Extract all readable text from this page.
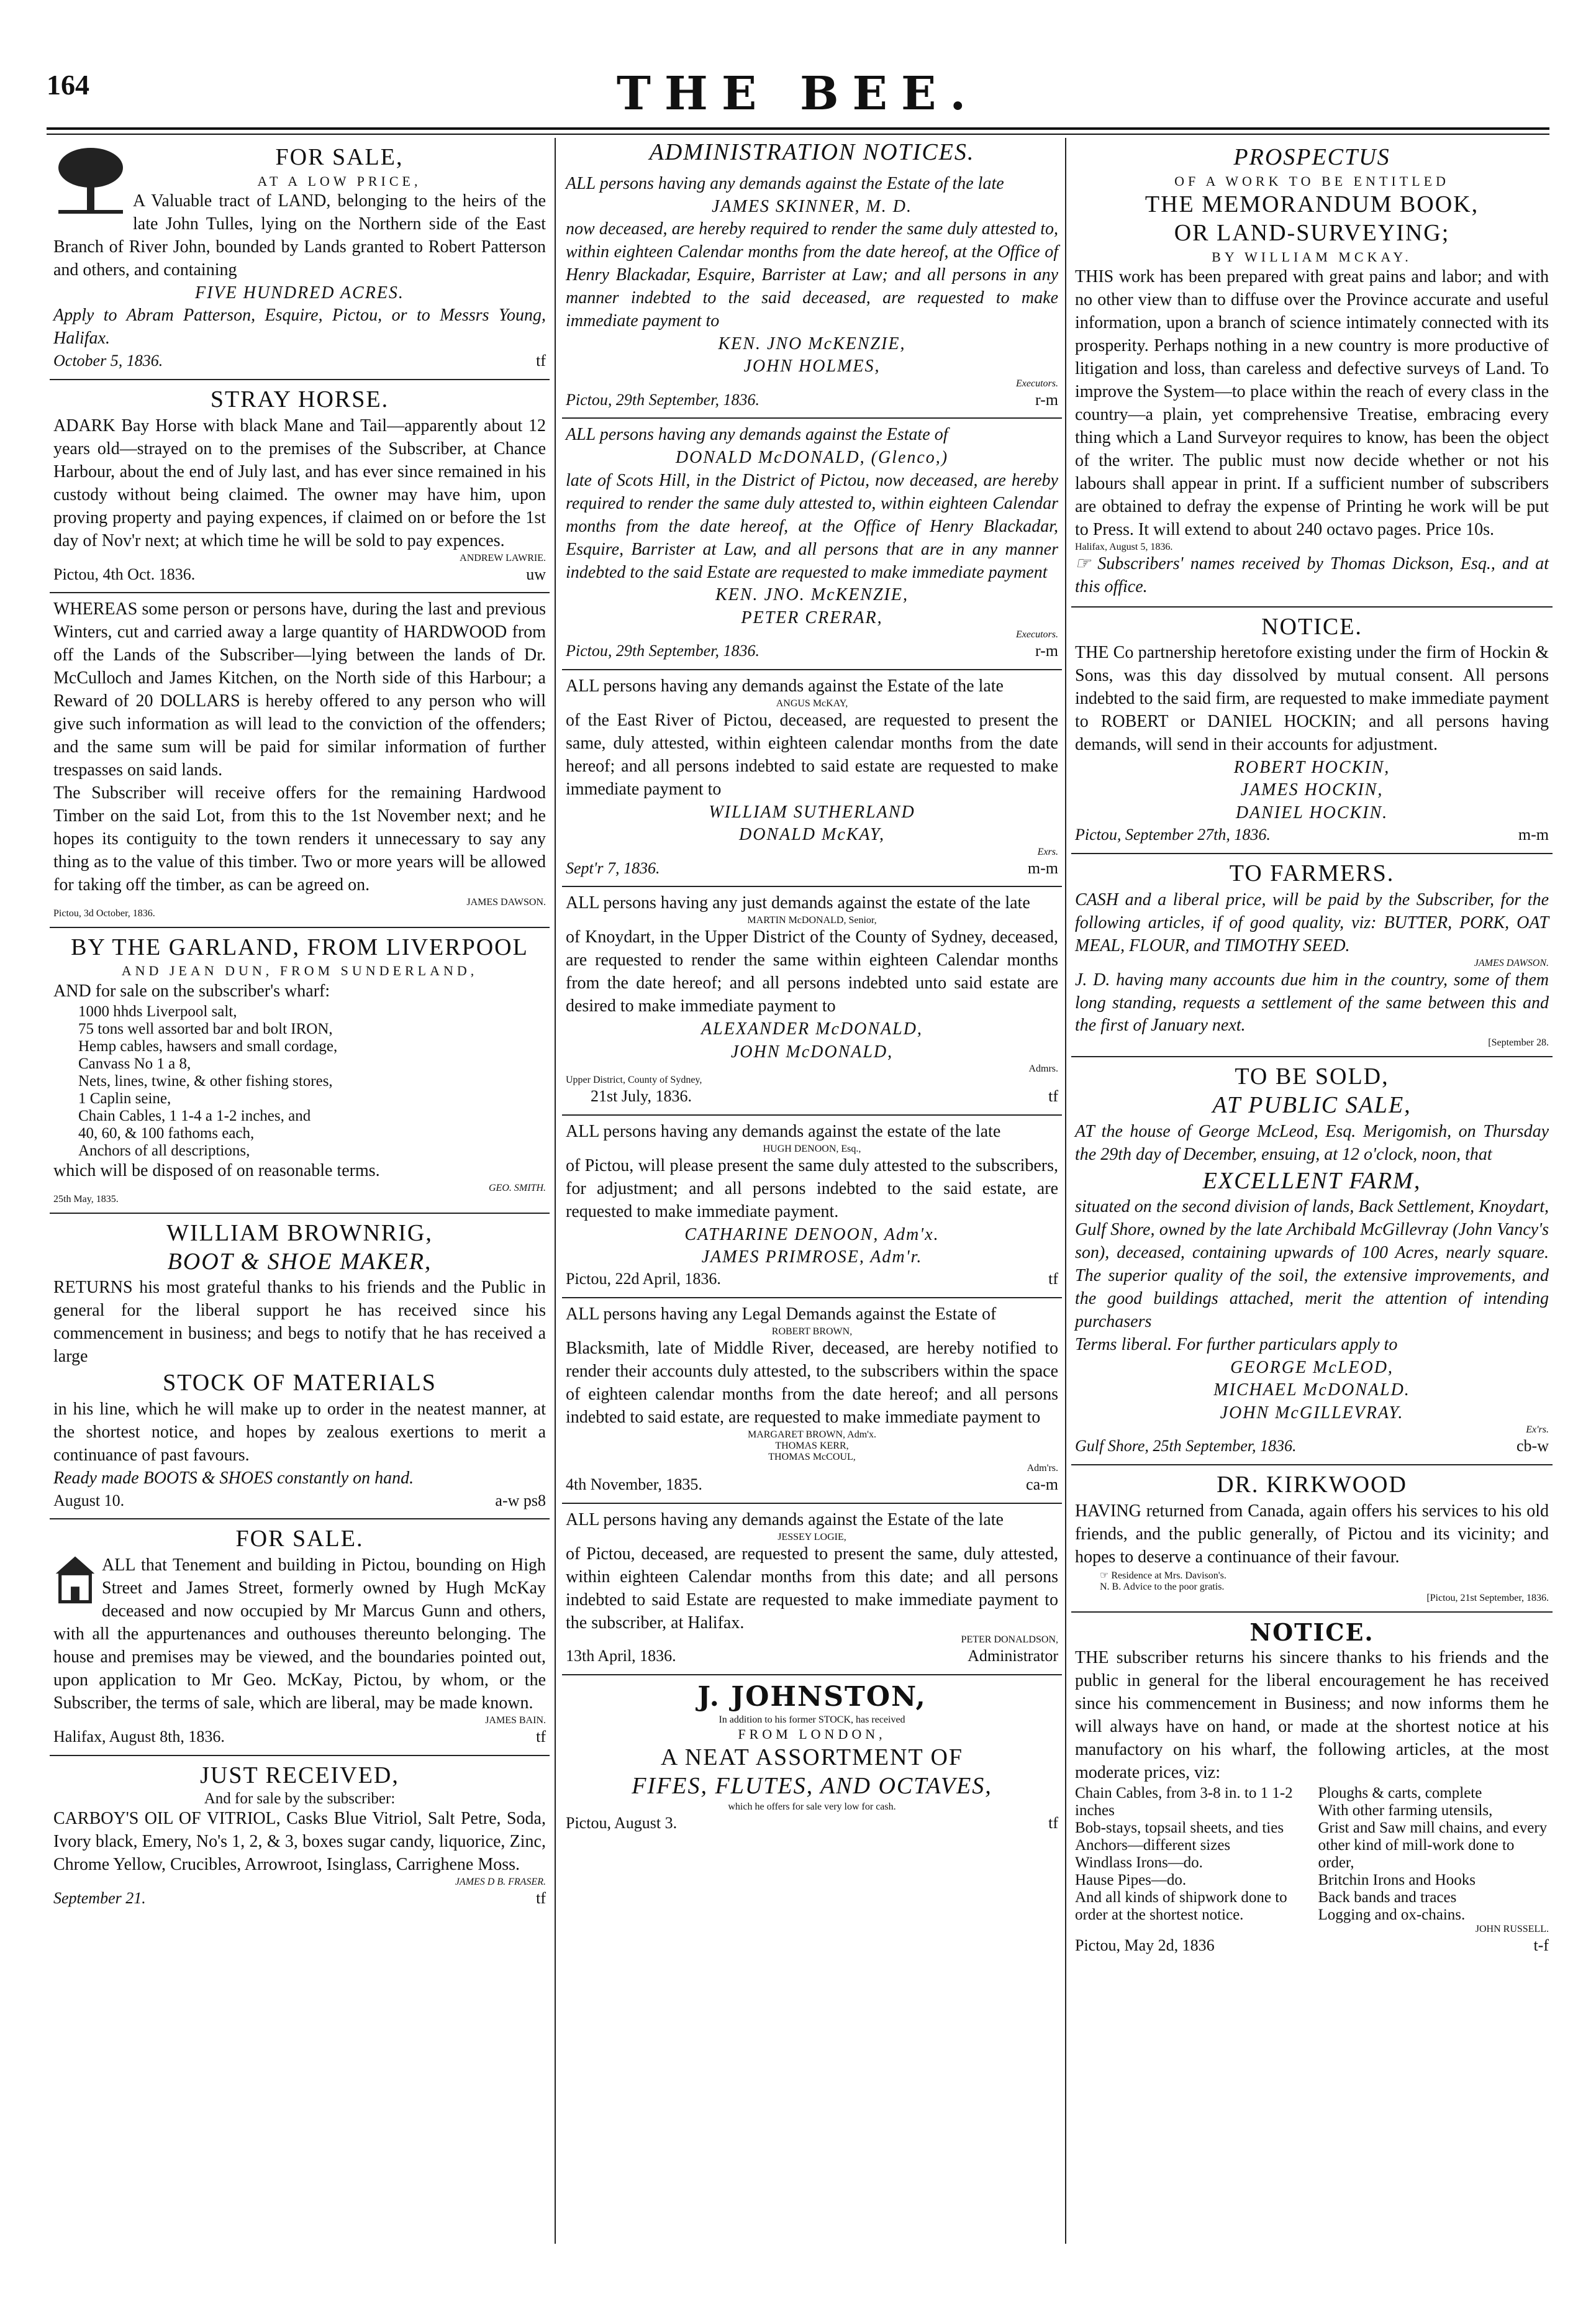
164	THE BEE.
FOR SALE,
AT A LOW PRICE,

A Valuable tract of LAND, belonging to the heirs of the late John Tulles, lying on the Northern side of the East Branch of River John, bounded by Lands granted to Robert Patterson and others, and containing

FIVE HUNDRED ACRES.

Apply to Abram Patterson, Esquire, Pictou, or to Messrs Young, Halifax.

October 5, 1836.	tf
STRAY HORSE.

ADARK Bay Horse with black Mane and Tail—apparently about 12 years old—strayed on to the premises of the Subscriber, at Chance Harbour, about the end of July last, and has ever since remained in his custody without being claimed. The owner may have him, upon proving property and paying expences, if claimed on or before the 1st day of Nov'r next; at which time he will be sold to pay expences.

ANDREW LAWRIE.
Pictou, 4th Oct. 1836.	uw

WHEREAS some person or persons have, during the last and previous Winters, cut and carried away a large quantity of HARDWOOD from off the Lands of the Subscriber—lying between the lands of Dr. McCulloch and James Kitchen, on the North side of this Harbour; a Reward of 20 DOLLARS is hereby offered to any person who will give such information as will lead to the conviction of the offenders; and the same sum will be paid for similar information of further trespasses on said lands.

The Subscriber will receive offers for the remaining Hardwood Timber on the said Lot, from this to the 1st November next; and he hopes its contiguity to the town renders it unnecessary to say any thing as to the value of this timber. Two or more years will be allowed for taking off the timber, as can be agreed on.

JAMES DAWSON.
Pictou, 3d October, 1836.
BY THE GARLAND, FROM LIVERPOOL
AND JEAN DUN, FROM SUNDERLAND,

AND for sale on the subscriber's wharf:

1000 hhds Liverpool salt,
75 tons well assorted bar and bolt IRON,
Hemp cables, hawsers and small cordage,
Canvass No 1 a 8,
Nets, lines, twine, & other fishing stores,
1 Caplin seine,
Chain Cables, 1 1-4 a 1-2 inches, and
40, 60, & 100 fathoms each,
Anchors of all descriptions,

which will be disposed of on reasonable terms.

GEO. SMITH.
25th May, 1835.
WILLIAM BROWNRIG,
BOOT & SHOE MAKER,

RETURNS his most grateful thanks to his friends and the Public in general for the liberal support he has received since his commencement in business; and begs to notify that he has received a large

STOCK OF MATERIALS

in his line, which he will make up to order in the neatest manner, at the shortest notice, and hopes by zealous exertions to merit a continuance of past favours.

Ready made BOOTS & SHOES constantly on hand.

August 10.	a-w ps8
FOR SALE.

ALL that Tenement and building in Pictou, bounding on High Street and James Street, formerly owned by Hugh McKay deceased and now occupied by Mr Marcus Gunn and others, with all the appurtenances and outhouses thereunto belonging. The house and premises may be viewed, and the boundaries pointed out, upon application to Mr Geo. McKay, Pictou, by whom, or the Subscriber, the terms of sale, which are liberal, may be made known.

JAMES BAIN.
Halifax, August 8th, 1836.	tf
JUST RECEIVED,
And for sale by the subscriber:

CARBOY'S OIL OF VITRIOL, Casks Blue Vitriol, Salt Petre, Soda, Ivory black, Emery, No's 1, 2, & 3, boxes sugar candy, liquorice, Zinc, Chrome Yellow, Crucibles, Arrowroot, Isinglass, Carrighene Moss.

JAMES D B. FRASER.
September 21.	tf
ADMINISTRATION NOTICES.

ALL persons having any demands against the Estate of the late

JAMES SKINNER, M. D.

now deceased, are hereby required to render the same duly attested to, within eighteen Calendar months from the date hereof, at the Office of Henry Blackadar, Esquire, Barrister at Law; and all persons in any manner indebted to the said deceased, are requested to make immediate payment to

KEN. JNO McKENZIE,
JOHN HOLMES,
Executors.
Pictou, 29th September, 1836.	r-m

ALL persons having any demands against the Estate of

DONALD McDONALD, (Glenco,)

late of Scots Hill, in the District of Pictou, now deceased, are hereby required to render the same duly attested to, within eighteen Calendar months from the date hereof, at the Office of Henry Blackadar, Esquire, Barrister at Law, and all persons that are in any manner indebted to the said Estate are requested to make immediate payment

KEN. JNO. McKENZIE,
PETER CRERAR,
Executors.
Pictou, 29th September, 1836.	r-m

ALL persons having any demands against the Estate of the late

ANGUS McKAY,

of the East River of Pictou, deceased, are requested to present the same, duly attested, within eighteen calendar months from the date hereof; and all persons indebted to said estate are requested to make immediate payment to

WILLIAM SUTHERLAND
DONALD McKAY,
Exrs.
Sept'r 7, 1836.	m-m

ALL persons having any just demands against the estate of the late

MARTIN McDONALD, Senior,

of Knoydart, in the Upper District of the County of Sydney, deceased, are requested to render the same within eighteen Calendar months from the date hereof; and all persons indebted unto said estate are desired to make immediate payment to

ALEXANDER McDONALD,
JOHN McDONALD,
Admrs.
Upper District, County of Sydney,
21st July, 1836.	tf

ALL persons having any demands against the estate of the late

HUGH DENOON, Esq.,

of Pictou, will please present the same duly attested to the subscribers, for adjustment; and all persons indebted to the said estate, are requested to make immediate payment.

CATHARINE DENOON, Adm'x.
JAMES PRIMROSE, Adm'r.
Pictou, 22d April, 1836.	tf

ALL persons having any Legal Demands against the Estate of

ROBERT BROWN,

Blacksmith, late of Middle River, deceased, are hereby notified to render their accounts duly attested, to the subscribers within the space of eighteen calendar months from the date hereof; and all persons indebted to said estate, are requested to make immediate payment to

MARGARET BROWN, Adm'x.
THOMAS KERR,
THOMAS McCOUL,
Adm'rs.
4th November, 1835.	ca-m

ALL persons having any demands against the Estate of the late

JESSEY LOGIE,

of Pictou, deceased, are requested to present the same, duly attested, within eighteen Calendar months from this date; and all persons indebted to said Estate are requested to make immediate payment to the subscriber, at Halifax.

PETER DONALDSON,
13th April, 1836.	Administrator
J. JOHNSTON,
In addition to his former STOCK, has received
FROM LONDON,
A NEAT ASSORTMENT OF
FIFES, FLUTES, AND OCTAVES,
which he offers for sale very low for cash.
Pictou, August 3.	tf
PROSPECTUS
OF A WORK TO BE ENTITLED
THE MEMORANDUM BOOK,
OR LAND-SURVEYING;
BY WILLIAM MCKAY.

THIS work has been prepared with great pains and labor; and with no other view than to diffuse over the Province accurate and useful information, upon a branch of science intimately connected with its prosperity. Perhaps nothing in a new country is more productive of litigation and loss, than careless and defective surveys of Land. To improve the System—to place within the reach of every class in the country—a plain, yet comprehensive Treatise, embracing every thing which a Land Surveyor requires to know, has been the object of the writer. The public must now decide whether or not his labours shall appear in print. If a sufficient number of subscribers are obtained to defray the expense of Printing he work will be put to Press. It will extend to about 240 octavo pages. Price 10s.

Halifax, August 5, 1836.

☞ Subscribers' names received by Thomas Dickson, Esq., and at this office.

NOTICE.

THE Co partnership heretofore existing under the firm of Hockin & Sons, was this day dissolved by mutual consent. All persons indebted to the said firm, are requested to make immediate payment to ROBERT or DANIEL HOCKIN; and all persons having demands, will send in their accounts for adjustment.

ROBERT HOCKIN,
JAMES HOCKIN,
DANIEL HOCKIN.
Pictou, September 27th, 1836.	m-m
TO FARMERS.

CASH and a liberal price, will be paid by the Subscriber, for the following articles, if of good quality, viz: BUTTER, PORK, OAT MEAL, FLOUR, and TIMOTHY SEED.

JAMES DAWSON.

J. D. having many accounts due him in the country, some of them long standing, requests a settlement of the same between this and the first of January next.

[September 28.
TO BE SOLD,
AT PUBLIC SALE,

AT the house of George McLeod, Esq. Merigomish, on Thursday the 29th day of December, ensuing, at 12 o'clock, noon, that

EXCELLENT FARM,

situated on the second division of lands, Back Settlement, Knoydart, Gulf Shore, owned by the late Archibald McGillevray (John Vancy's son), deceased, containing upwards of 100 Acres, nearly square. The superior quality of the soil, the extensive improvements, and the good buildings attached, merit the attention of intending purchasers

Terms liberal. For further particulars apply to

GEORGE McLEOD,
MICHAEL McDONALD.
JOHN McGILLEVRAY.
Ex'rs.
Gulf Shore, 25th September, 1836.	cb-w
DR. KIRKWOOD

HAVING returned from Canada, again offers his services to his old friends, and the public generally, of Pictou and its vicinity; and hopes to deserve a continuance of their favour.

☞ Residence at Mrs. Davison's.
N. B. Advice to the poor gratis.
[Pictou, 21st September, 1836.
NOTICE.

THE subscriber returns his sincere thanks to his friends and the public in general for the liberal encouragement he has received since his commencement in Business; and now informs them he will always have on hand, or made at the shortest notice at his manufactory on his wharf, the following articles, at the most moderate prices, viz:

Chain Cables, from 3-8 in. to 1 1-2 inches
Bob-stays, topsail sheets, and ties
Anchors—different sizes
Windlass Irons—do.
Hause Pipes—do.
And all kinds of shipwork done to order at the shortest notice.
Ploughs & carts, complete
With other farming utensils,
Grist and Saw mill chains, and every other kind of mill-work done to order,
Britchin Irons and Hooks
Back bands and traces
Logging and ox-chains.
JOHN RUSSELL.
Pictou, May 2d, 1836	t-f
